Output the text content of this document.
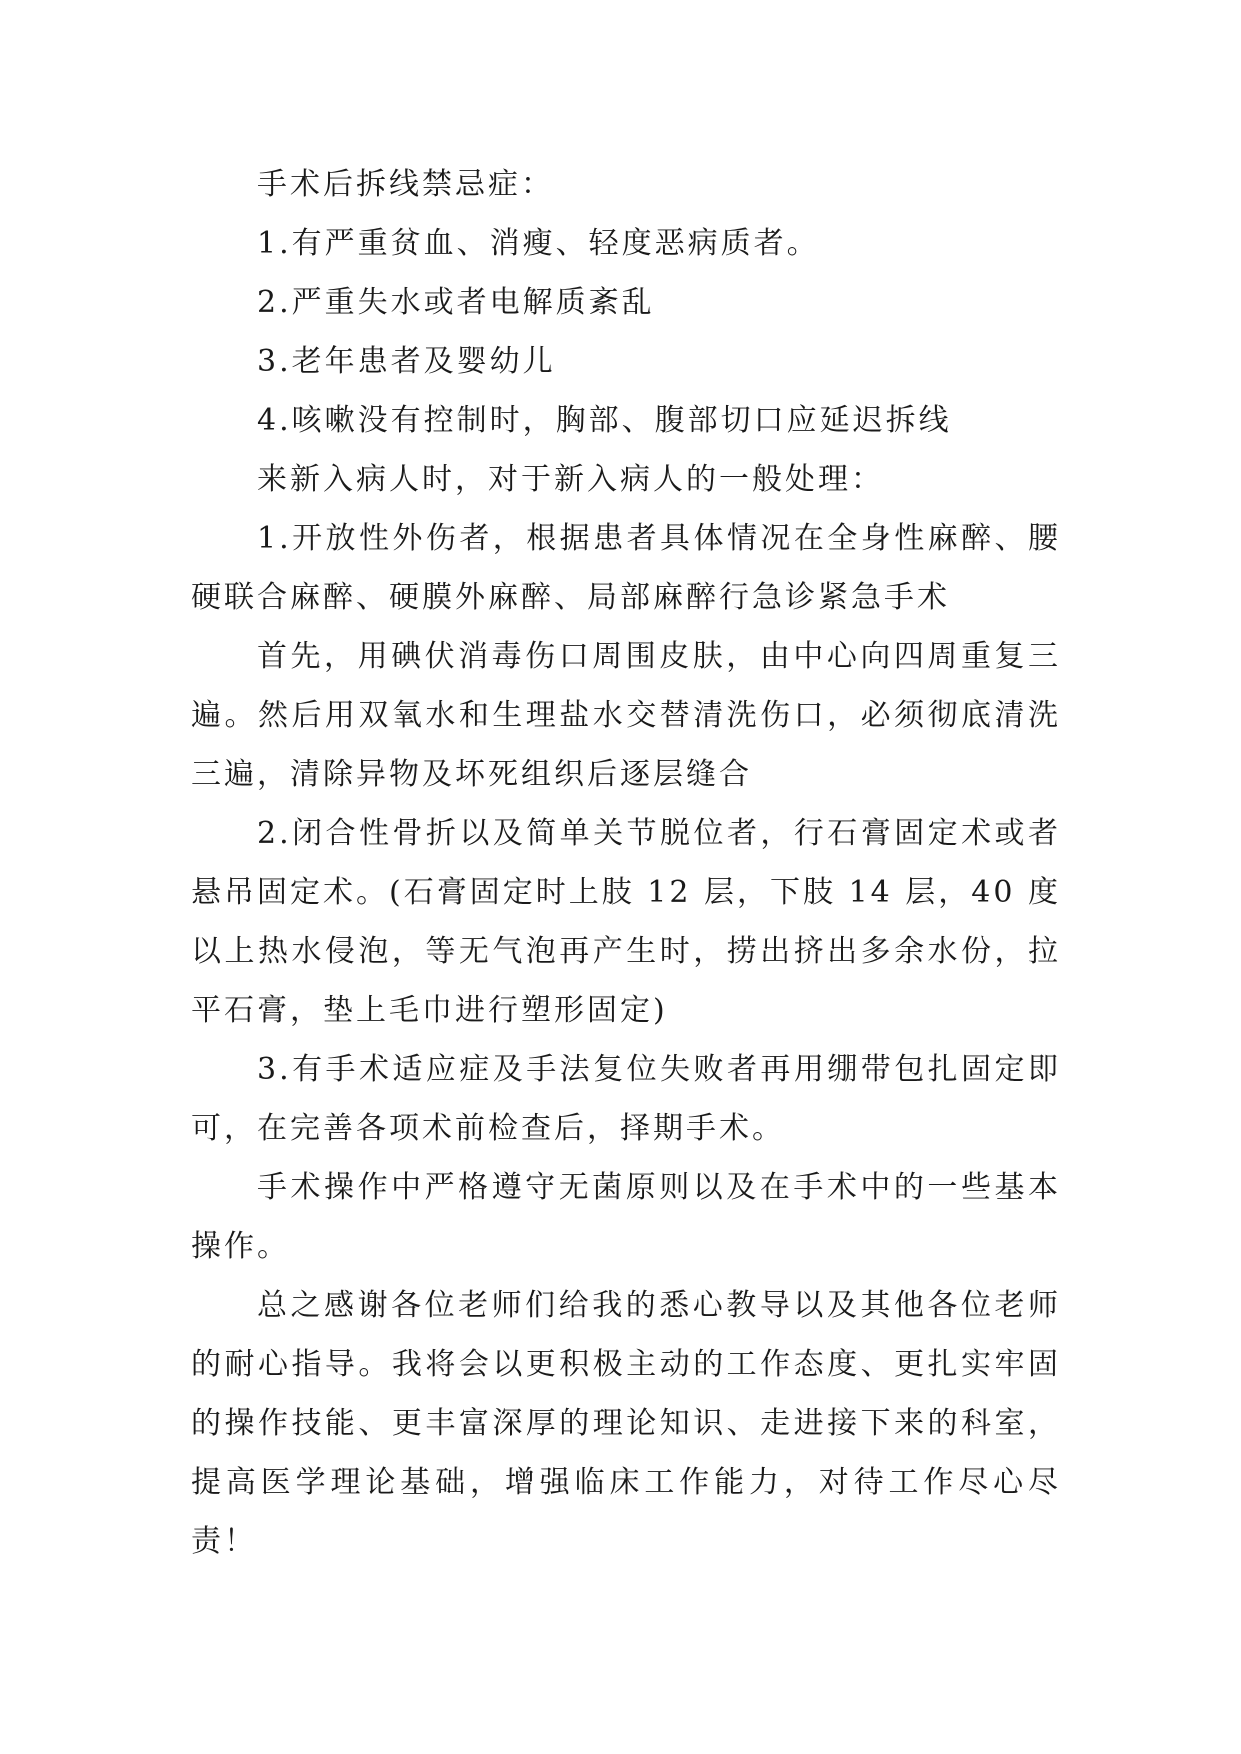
手术后拆线禁忌症：

1.有严重贫血、消瘦、轻度恶病质者。

2.严重失水或者电解质紊乱

3.老年患者及婴幼儿

4.咳嗽没有控制时，胸部、腹部切口应延迟拆线

来新入病人时，对于新入病人的一般处理：

1.开放性外伤者，根据患者具体情况在全身性麻醉、腰硬联合麻醉、硬膜外麻醉、局部麻醉行急诊紧急手术

首先，用碘伏消毒伤口周围皮肤，由中心向四周重复三遍。然后用双氧水和生理盐水交替清洗伤口，必须彻底清洗三遍，清除异物及坏死组织后逐层缝合

2.闭合性骨折以及简单关节脱位者，行石膏固定术或者悬吊固定术。(石膏固定时上肢 12 层，下肢 14 层，40 度以上热水侵泡，等无气泡再产生时，捞出挤出多余水份，拉平石膏，垫上毛巾进行塑形固定)

3.有手术适应症及手法复位失败者再用绷带包扎固定即可，在完善各项术前检查后，择期手术。

手术操作中严格遵守无菌原则以及在手术中的一些基本操作。

总之感谢各位老师们给我的悉心教导以及其他各位老师的耐心指导。我将会以更积极主动的工作态度、更扎实牢固的操作技能、更丰富深厚的理论知识、走进接下来的科室，提高医学理论基础，增强临床工作能力，对待工作尽心尽责！
